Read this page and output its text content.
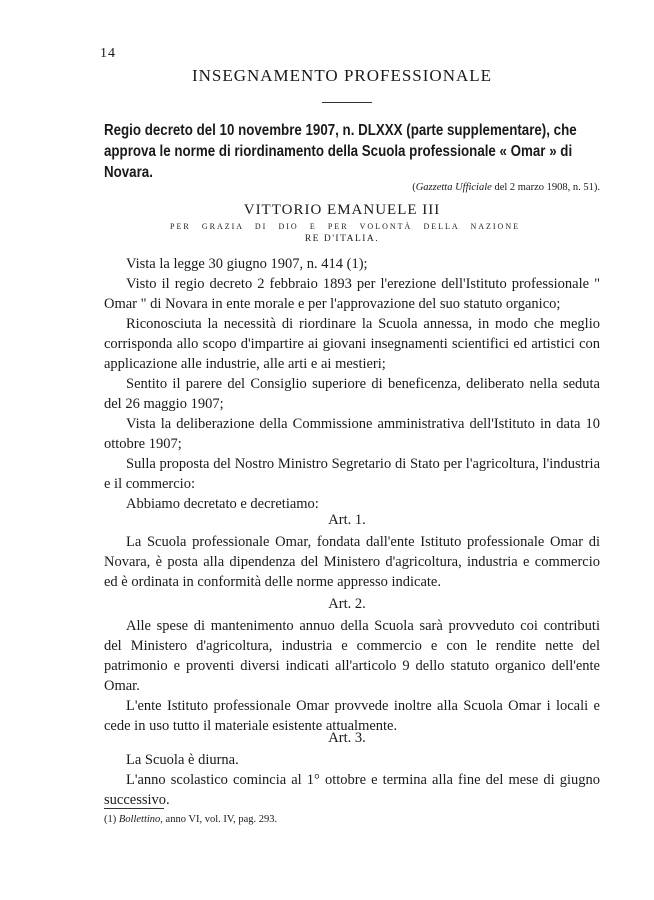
14
INSEGNAMENTO PROFESSIONALE
Regio decreto del 10 novembre 1907, n. DLXXX (parte supplementare), che approva le norme di riordinamento della Scuola professionale « Omar » di Novara.
(Gazzetta Ufficiale del 2 marzo 1908, n. 51).
VITTORIO EMANUELE III
PER GRAZIA DI DIO E PER VOLONTÀ DELLA NAZIONE
RE D'ITALIA.

Vista la legge 30 giugno 1907, n. 414 (1);

Visto il regio decreto 2 febbraio 1893 per l'erezione dell'Istituto professionale " Omar " di Novara in ente morale e per l'approvazione del suo statuto organico;

Riconosciuta la necessità di riordinare la Scuola annessa, in modo che meglio corrisponda allo scopo d'impartire ai giovani insegnamenti scientifici ed artistici con applicazione alle industrie, alle arti e ai mestieri;

Sentito il parere del Consiglio superiore di beneficenza, deliberato nella seduta del 26 maggio 1907;

Vista la deliberazione della Commissione amministrativa dell'Istituto in data 10 ottobre 1907;

Sulla proposta del Nostro Ministro Segretario di Stato per l'agricoltura, l'industria e il commercio:

Abbiamo decretato e decretiamo:

Art. 1.

La Scuola professionale Omar, fondata dall'ente Istituto professionale Omar di Novara, è posta alla dipendenza del Ministero d'agricoltura, industria e commercio ed è ordinata in conformità delle norme appresso indicate.

Art. 2.

Alle spese di mantenimento annuo della Scuola sarà provveduto coi contributi del Ministero d'agricoltura, industria e commercio e con le rendite nette del patrimonio e proventi diversi indicati all'articolo 9 dello statuto organico dell'ente Omar.

L'ente Istituto professionale Omar provvede inoltre alla Scuola Omar i locali e cede in uso tutto il materiale esistente attualmente.

Art. 3.

La Scuola è diurna.

L'anno scolastico comincia al 1° ottobre e termina alla fine del mese di giugno successivo.

(1) Bollettino, anno VI, vol. IV, pag. 293.
